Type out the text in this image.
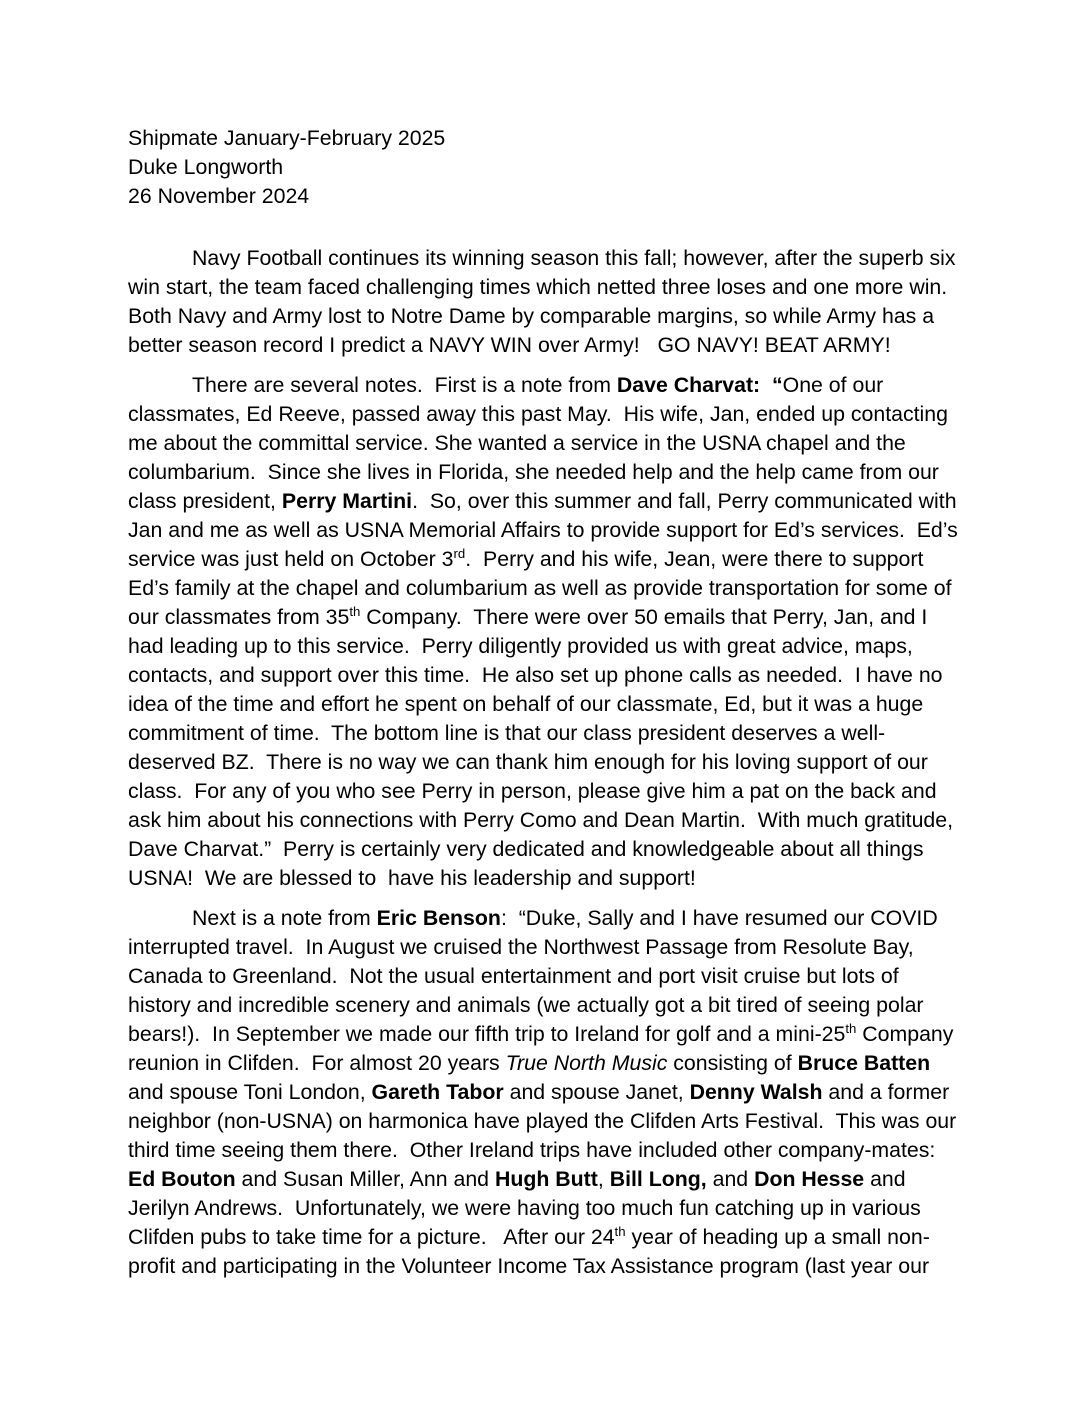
Shipmate January-February 2025
Duke Longworth
26 November 2024

Navy Football continues its winning season this fall; however, after the superb six win start, the team faced challenging times which netted three loses and one more win. Both Navy and Army lost to Notre Dame by comparable margins, so while Army has a better season record I predict a NAVY WIN over Army!   GO NAVY! BEAT ARMY!

There are several notes.  First is a note from Dave Charvat:  “One of our classmates, Ed Reeve, passed away this past May.  His wife, Jan, ended up contacting me about the committal service. She wanted a service in the USNA chapel and the columbarium.  Since she lives in Florida, she needed help and the help came from our class president, Perry Martini.  So, over this summer and fall, Perry communicated with Jan and me as well as USNA Memorial Affairs to provide support for Ed’s services.  Ed’s service was just held on October 3rd.  Perry and his wife, Jean, were there to support Ed’s family at the chapel and columbarium as well as provide transportation for some of our classmates from 35th Company.  There were over 50 emails that Perry, Jan, and I had leading up to this service.  Perry diligently provided us with great advice, maps, contacts, and support over this time.  He also set up phone calls as needed.  I have no idea of the time and effort he spent on behalf of our classmate, Ed, but it was a huge commitment of time.  The bottom line is that our class president deserves a well-deserved BZ.  There is no way we can thank him enough for his loving support of our class.  For any of you who see Perry in person, please give him a pat on the back and ask him about his connections with Perry Como and Dean Martin.  With much gratitude, Dave Charvat.”  Perry is certainly very dedicated and knowledgeable about all things USNA!  We are blessed to  have his leadership and support!

Next is a note from Eric Benson:  “Duke, Sally and I have resumed our COVID interrupted travel.  In August we cruised the Northwest Passage from Resolute Bay, Canada to Greenland.  Not the usual entertainment and port visit cruise but lots of history and incredible scenery and animals (we actually got a bit tired of seeing polar bears!).  In September we made our fifth trip to Ireland for golf and a mini-25th Company reunion in Clifden.  For almost 20 years True North Music consisting of Bruce Batten and spouse Toni London, Gareth Tabor and spouse Janet, Denny Walsh and a former neighbor (non-USNA) on harmonica have played the Clifden Arts Festival.  This was our third time seeing them there.  Other Ireland trips have included other company-mates: Ed Bouton and Susan Miller, Ann and Hugh Butt, Bill Long, and Don Hesse and Jerilyn Andrews.  Unfortunately, we were having too much fun catching up in various Clifden pubs to take time for a picture.   After our 24th year of heading up a small non-profit and participating in the Volunteer Income Tax Assistance program (last year our
